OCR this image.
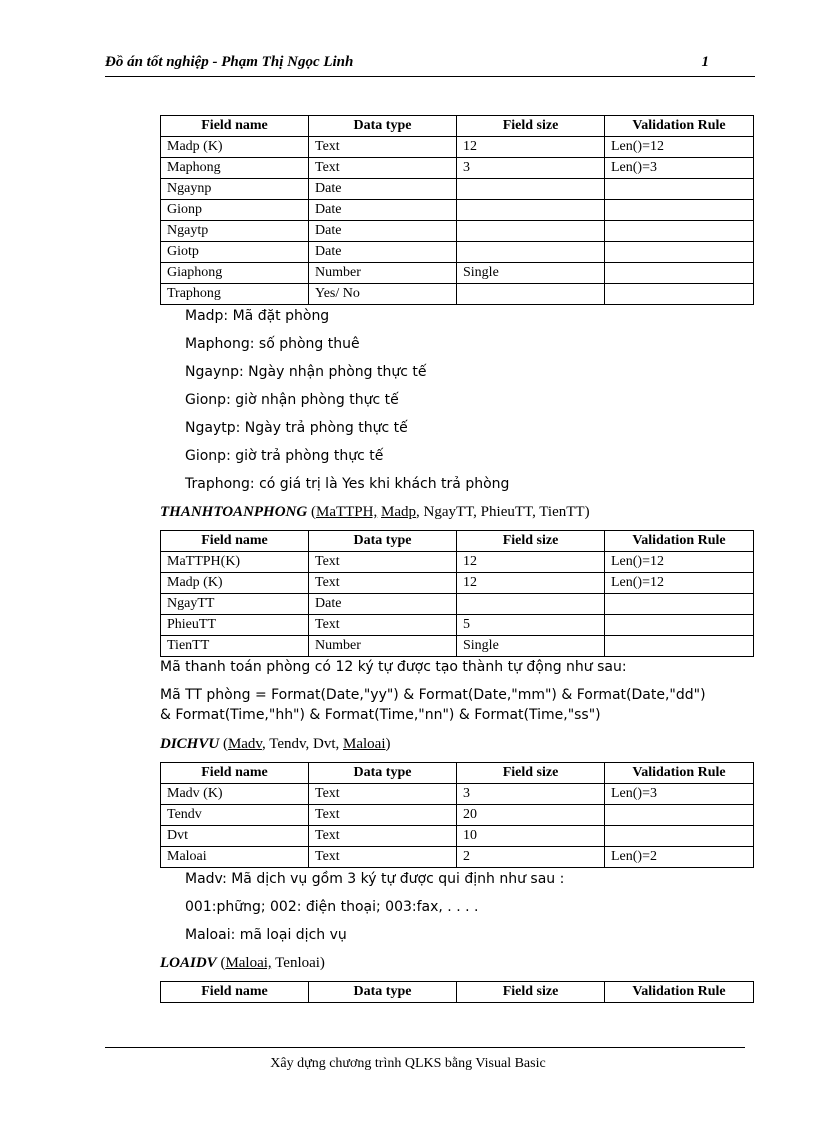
Đồ án tốt nghiệp - Phạm Thị Ngọc Linh	1
Field name	Data type	Field size	Validation Rule
Madp (K)	Text	12	Len()=12
Maphong	Text	3	Len()=3
Ngaynp	Date		
Gionp	Date		
Ngaytp	Date		
Giotp	Date		
Giaphong	Number	Single	
Traphong	Yes/ No		
Madp: Mã đặt phòng
Maphong: số phòng thuê
Ngaynp: Ngày nhận phòng thực tế
Gionp: giờ nhận phòng thực tế
Ngaytp: Ngày trả phòng thực tế
Gionp: giờ trả phòng thực tế
Traphong: có giá trị là Yes khi khách trả phòng
THANHTOANPHONG (MaTTPH, Madp, NgayTT, PhieuTT, TienTT)
Field name	Data type	Field size	Validation Rule
MaTTPH(K)	Text	12	Len()=12
Madp (K)	Text	12	Len()=12
NgayTT	Date		
PhieuTT	Text	5	
TienTT	Number	Single	
Mã thanh toán phòng có 12 ký tự được tạo thành tự động như sau:
Mã TT phòng = Format(Date,"yy") & Format(Date,"mm") & Format(Date,"dd")
& Format(Time,"hh") & Format(Time,"nn") & Format(Time,"ss")
DICHVU (Madv, Tendv, Dvt, Maloai)
Field name	Data type	Field size	Validation Rule
Madv (K)	Text	3	Len()=3
Tendv	Text	20	
Dvt	Text	10	
Maloai	Text	2	Len()=2
Madv: Mã dịch vụ gồm 3 ký tự được qui định như sau :
001:phững; 002: điện thoại; 003:fax, . . . .
Maloai: mã loại dịch vụ
LOAIDV (Maloai, Tenloai)
Field name	Data type	Field size	Validation Rule
Xây dựng chương trình QLKS bằng Visual Basic
